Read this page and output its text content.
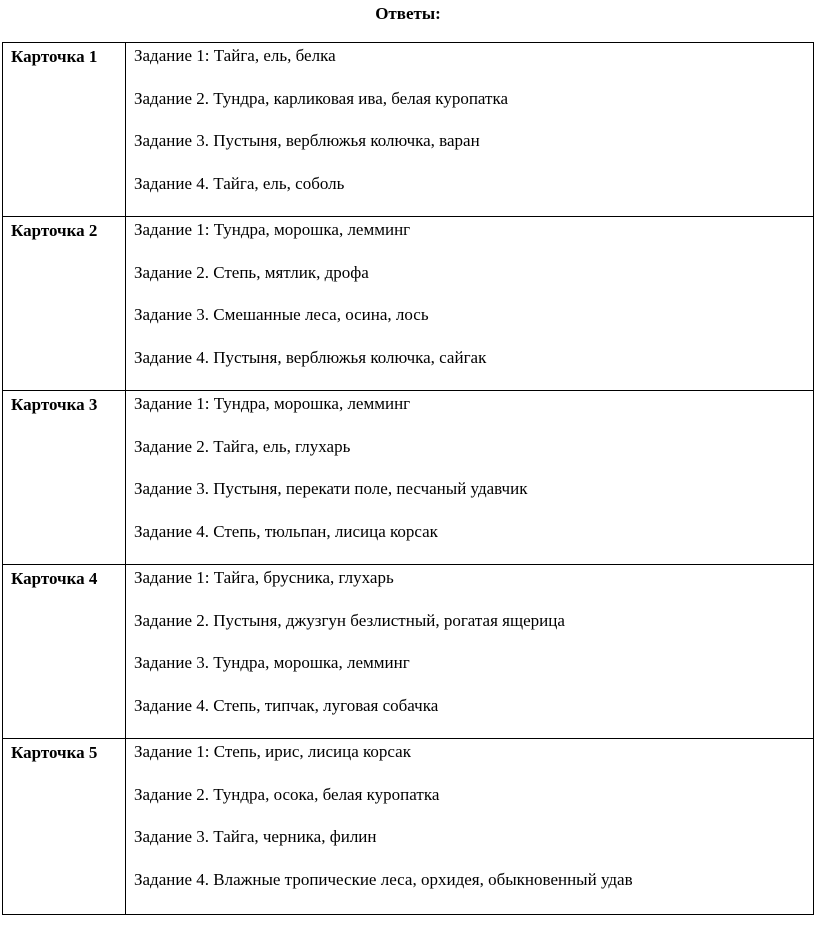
Ответы:
Карточка 1	Задание 1: Тайга, ель, белка
Задание 2. Тундра, карликовая ива, белая куропатка
Задание 3. Пустыня, верблюжья колючка, варан
Задание 4. Тайга, ель, соболь

Карточка 2	Задание 1: Тундра, морошка, лемминг
Задание 2. Степь, мятлик, дрофа
Задание 3. Смешанные леса, осина, лось
Задание 4. Пустыня, верблюжья колючка, сайгак

Карточка 3	Задание 1: Тундра, морошка, лемминг
Задание 2. Тайга, ель, глухарь
Задание 3. Пустыня, перекати поле, песчаный удавчик
Задание 4. Степь, тюльпан, лисица корсак

Карточка 4	Задание 1: Тайга, брусника, глухарь
Задание 2. Пустыня, джузгун безлистный, рогатая ящерица
Задание 3. Тундра, морошка, лемминг
Задание 4. Степь, типчак, луговая собачка

Карточка 5	Задание 1: Степь, ирис, лисица корсак
Задание 2. Тундра, осока, белая куропатка
Задание 3. Тайга, черника, филин
Задание 4. Влажные тропические леса, орхидея, обыкновенный удав
